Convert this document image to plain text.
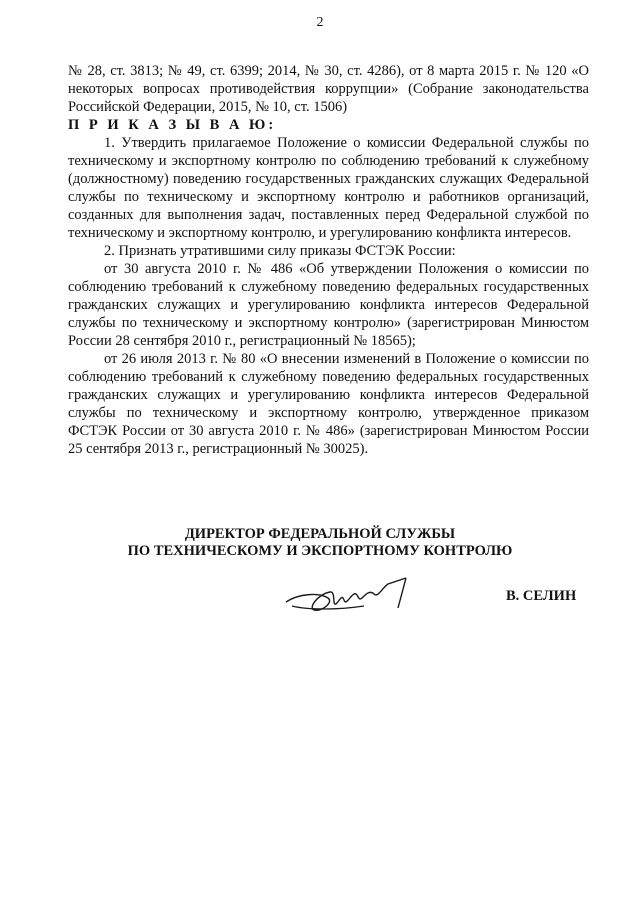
2

№ 28, ст. 3813; № 49, ст. 6399; 2014, № 30, ст. 4286), от 8 марта 2015 г. № 120 «О некоторых вопросах противодействия коррупции» (Собрание законодательства Российской Федерации, 2015, № 10, ст. 1506)

П Р И К А З Ы В А Ю:

1. Утвердить прилагаемое Положение о комиссии Федеральной службы по техническому и экспортному контролю по соблюдению требований к служебному (должностному) поведению государственных гражданских служащих Федеральной службы по техническому и экспортному контролю и работников организаций, созданных для выполнения задач, поставленных перед Федеральной службой по техническому и экспортному контролю, и урегулированию конфликта интересов.

2. Признать утратившими силу приказы ФСТЭК России:

от 30 августа 2010 г. № 486 «Об утверждении Положения о комиссии по соблюдению требований к служебному поведению федеральных государственных гражданских служащих и урегулированию конфликта интересов Федеральной службы по техническому и экспортному контролю» (зарегистрирован Минюстом России 28 сентября 2010 г., регистрационный № 18565);

от 26 июля 2013 г. № 80 «О внесении изменений в Положение о комиссии по соблюдению требований к служебному поведению федеральных государственных гражданских служащих и урегулированию конфликта интересов Федеральной службы по техническому и экспортному контролю, утвержденное приказом ФСТЭК России от 30 августа 2010 г. № 486» (зарегистрирован Минюстом России 25 сентября 2013 г., регистрационный № 30025).

ДИРЕКТОР ФЕДЕРАЛЬНОЙ СЛУЖБЫ
ПО ТЕХНИЧЕСКОМУ И ЭКСПОРТНОМУ КОНТРОЛЮ
В. СЕЛИН
